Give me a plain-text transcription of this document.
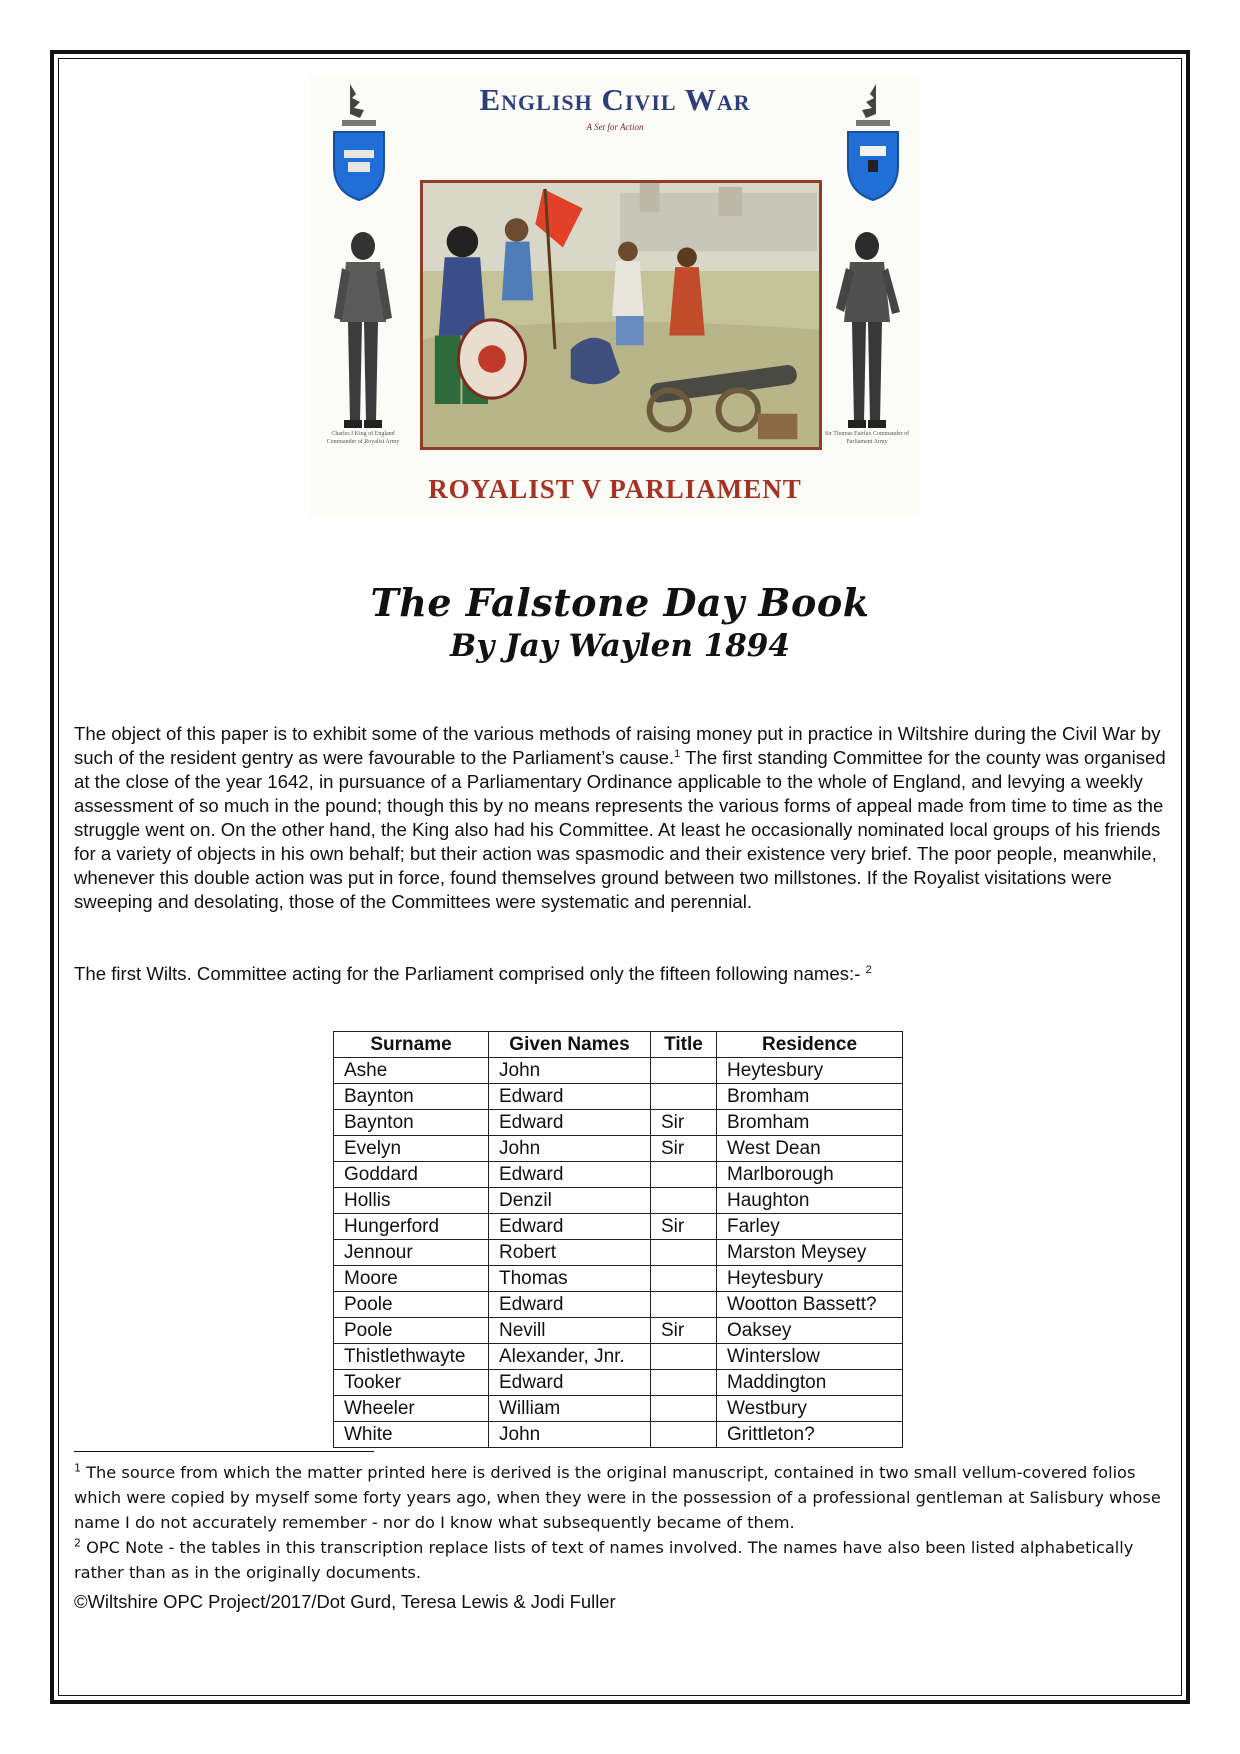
English Civil War
A Set for Action
Charles I King of England Commander of Royalist Army
Sir Thomas Fairfax Commander of Parliament Army
ROYALIST V PARLIAMENT
The Falstone Day Book
By Jay Waylen 1894

The object of this paper is to exhibit some of the various methods of raising money put in practice in Wiltshire during the Civil War by such of the resident gentry as were favourable to the Parliament’s cause.$^1$ The first standing Committee for the county was organised at the close of the year 1642, in pursuance of a Parliamentary Ordinance applicable to the whole of England, and levying a weekly assessment of so much in the pound; though this by no means represents the various forms of appeal made from time to time as the struggle went on. On the other hand, the King also had his Committee. At least he occasionally nominated local groups of his friends for a variety of objects in his own behalf; but their action was spasmodic and their existence very brief. The poor people, meanwhile, whenever this double action was put in force, found themselves ground between two millstones. If the Royalist visitations were sweeping and desolating, those of the Committees were systematic and perennial.

The first Wilts. Committee acting for the Parliament comprised only the fifteen following names:- $^2$

Surname	Given Names	Title	Residence
Ashe	John		Heytesbury
Baynton	Edward		Bromham
Baynton	Edward	Sir	Bromham
Evelyn	John	Sir	West Dean
Goddard	Edward		Marlborough
Hollis	Denzil		Haughton
Hungerford	Edward	Sir	Farley
Jennour	Robert		Marston Meysey
Moore	Thomas		Heytesbury
Poole	Edward		Wootton Bassett?
Poole	Nevill	Sir	Oaksey
Thistlethwayte	Alexander, Jnr.		Winterslow
Tooker	Edward		Maddington
Wheeler	William		Westbury
White	John		Grittleton?

$^1$ The source from which the matter printed here is derived is the original manuscript, contained in two small vellum-covered folios which were copied by myself some forty years ago, when they were in the possession of a professional gentleman at Salisbury whose name I do not accurately remember - nor do I know what subsequently became of them.

$^2$ OPC Note - the tables in this transcription replace lists of text of names involved. The names have also been listed alphabetically rather than as in the originally documents.

©Wiltshire OPC Project/2017/Dot Gurd, Teresa Lewis & Jodi Fuller
